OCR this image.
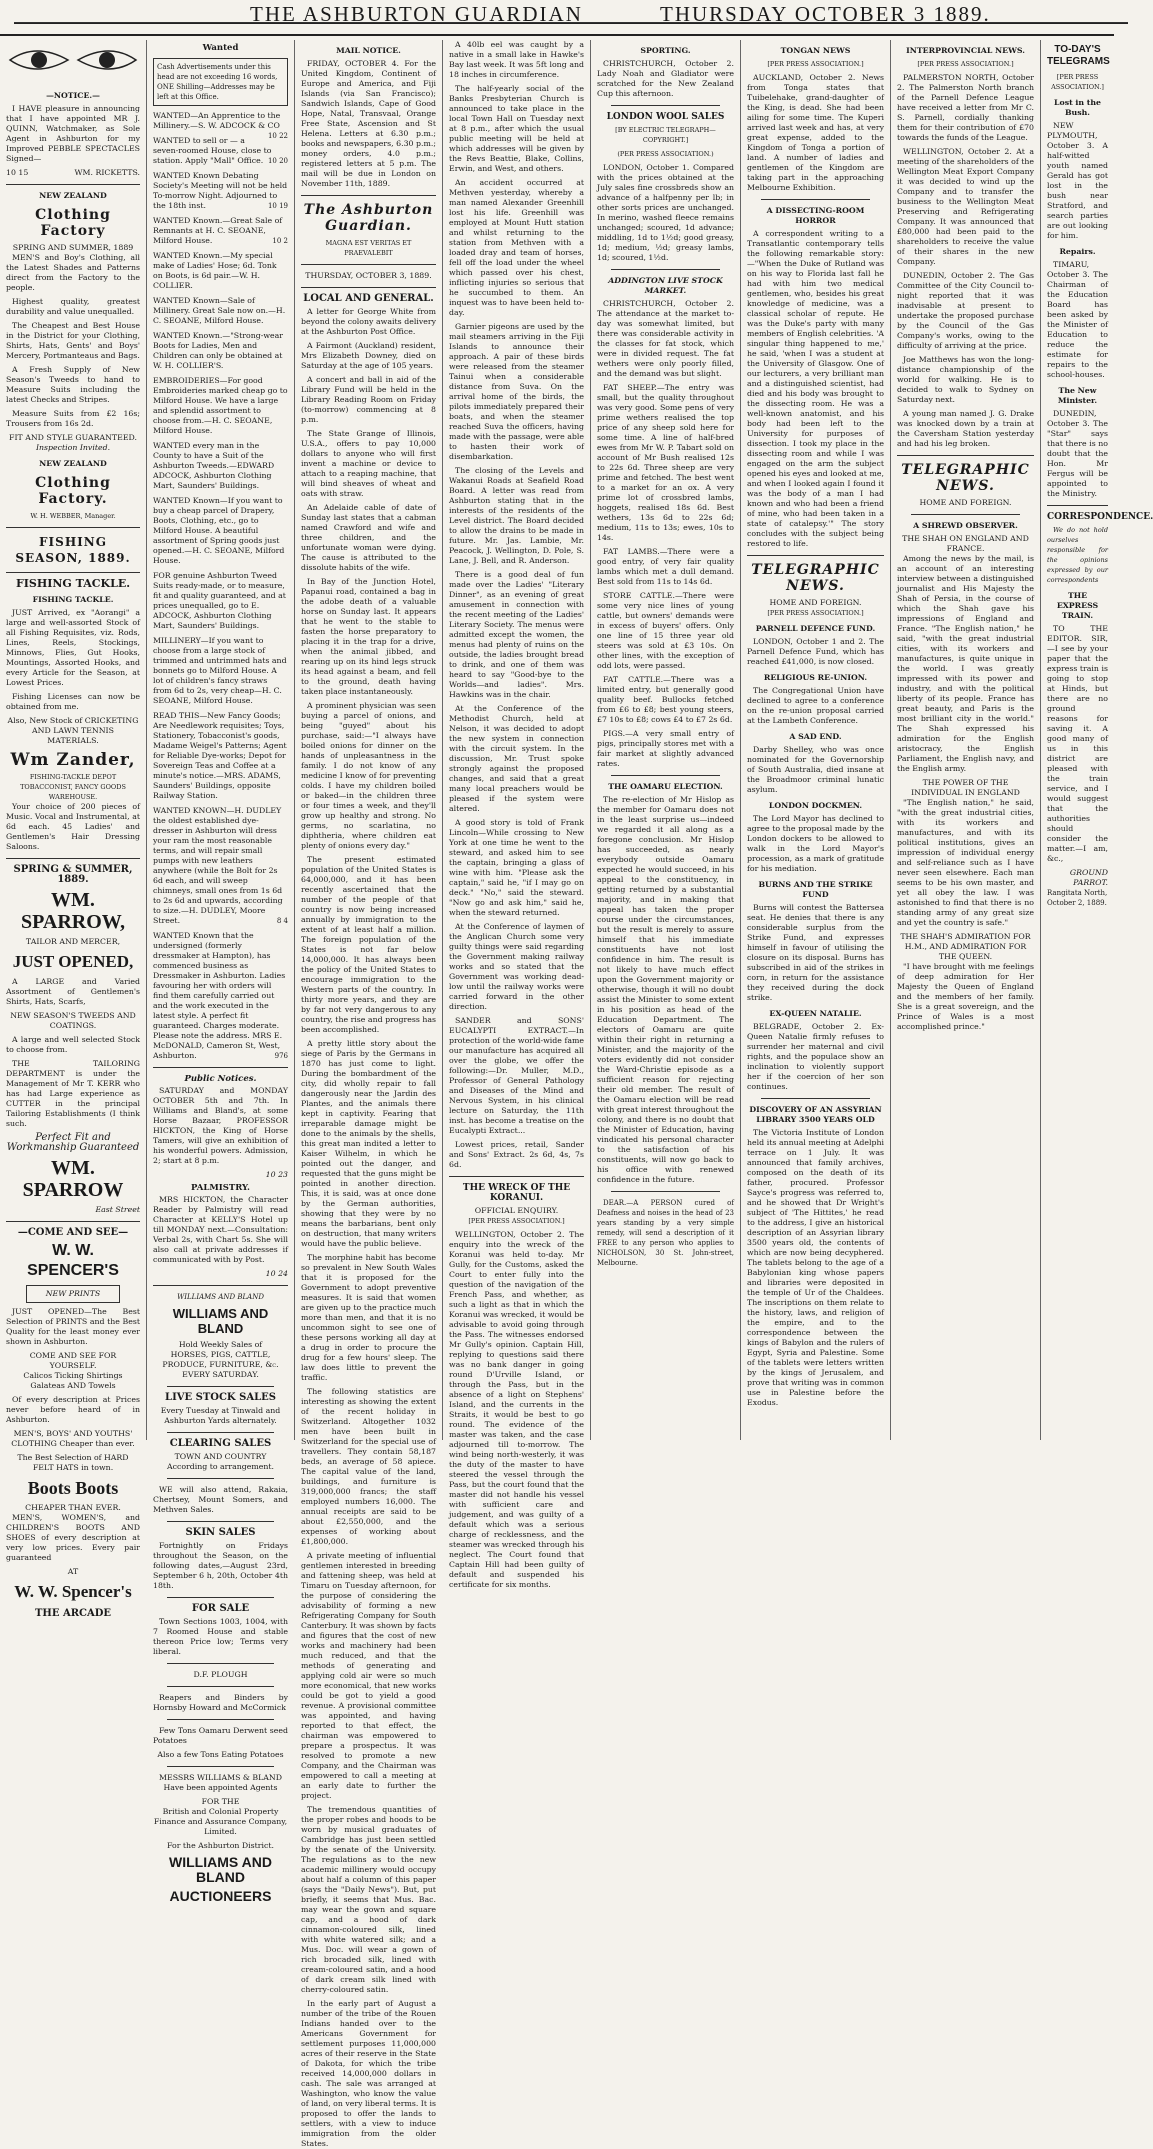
THE ASHBURTON GUARDIAN	THURSDAY OCTOBER 3 1889.
—NOTICE.—

I HAVE pleasure in announcing that I have appointed MR J. QUINN, Watchmaker, as Sole Agent in Ashburton for my Improved PEBBLE SPECTACLES Signed—

10 15	WM. RICKETTS.

NEW ZEALAND
Clothing Factory
SPRING AND SUMMER, 1889

MEN'S and Boy's Clothing, all the Latest Shades and Patterns direct from the Factory to the people.

Highest quality, greatest durability and value unequalled.

The Cheapest and Best House in the District for your Clothing, Shirts, Hats, Gents' and Boys' Mercery, Portmanteaus and Bags.

A Fresh Supply of New Season's Tweeds to hand to Measure Suits including the latest Checks and Stripes.

Measure Suits from £2 16s; Trousers from 16s 2d.

FIT AND STYLE GUARANTEED.
Inspection Invited.
NEW ZEALAND
Clothing Factory.
W. H. WEBBER, Manager.
FISHING SEASON, 1889.
FISHING TACKLE.
FISHING TACKLE.

JUST Arrived, ex "Aorangi" a large and well-assorted Stock of all Fishing Requisites, viz. Rods, Lines, Reels, Stockings, Minnows, Flies, Gut Hooks, Mountings, Assorted Hooks, and every Article for the Season, at Lowest Prices.

Fishing Licenses can now be obtained from me.

Also, New Stock of CRICKETING AND LAWN TENNIS MATERIALS.

Wm Zander,
FISHING-TACKLE DEPOT TOBACCONIST, FANCY GOODS WAREHOUSE.

Your choice of 200 pieces of Music. Vocal and Instrumental, at 6d each. 45 Ladies' and Gentlemen's Hair Dressing Saloons.

SPRING & SUMMER, 1889.
WM. SPARROW,
TAILOR AND MERCER,
JUST OPENED,

A LARGE and Varied Assortment of Gentlemen's Shirts, Hats, Scarfs,

NEW SEASON'S TWEEDS AND COATINGS.

A large and well selected Stock to choose from.

THE TAILORING DEPARTMENT is under the Management of Mr T. KERR who has had Large experience as CUTTER in the principal Tailoring Establishments (I think such.

Perfect Fit and Workmanship Guaranteed
WM. SPARROW
East Street
—COME AND SEE—
W. W. SPENCER'S
NEW PRINTS

JUST OPENED—The Best Selection of PRINTS and the Best Quality for the least money ever shown in Ashburton.

COME AND SEE FOR YOURSELF.

Calicos Ticking Shirtings Galateas AND Towels

Of every description at Prices never before heard of in Ashburton.

MEN'S, BOYS' AND YOUTHS' CLOTHING Cheaper than ever.

The Best Selection of HARD FELT HATS in town.

Boots Boots
CHEAPER THAN EVER.

MEN'S, WOMEN'S, and CHILDREN'S BOOTS AND SHOES of every description at very low prices. Every pair guaranteed

AT
W. W. Spencer's
THE ARCADE
Wanted
Cash Advertisements under this head are not exceeding 16 words, ONE Shilling—Addresses may be left at this Office.
WANTED—An Apprentice to the Millinery.—S. W. ADCOCK & CO
10 22
WANTED to sell or — a seven-roomed House, close to station. Apply "Mall" Office. 10 20
WANTED Known Debating Society's Meeting will not be held To-morrow Night. Adjourned to the 18th inst.	10 19
WANTED Known.—Great Sale of Remnants at H. C. SEOANE, Milford House.	10 2
WANTED Known.—My special make of Ladies' Hose; 6d. Tonk on Boots, is 6d pair.—W. H. COLLIER.
WANTED Known—Sale of Millinery. Great Sale now on.—H. C. SEOANE, Milford House.
WANTED Known.—"Strong-wear Boots for Ladies, Men and Children can only be obtained at W. H. COLLIER'S.
EMBROIDERIES—For good Embroideries marked cheap go to Milford House. We have a large and splendid assortment to choose from.—H. C. SEOANE, Milford House.
WANTED every man in the County to have a Suit of the Ashburton Tweeds.—EDWARD ADCOCK, Ashburton Clothing Mart, Saunders' Buildings.
WANTED Known—If you want to buy a cheap parcel of Drapery, Boots, Clothing, etc., go to Milford House. A beautiful assortment of Spring goods just opened.—H. C. SEOANE, Milford House.
FOR genuine Ashburton Tweed Suits ready-made, or to measure, fit and quality guaranteed, and at prices unequalled, go to E. ADCOCK, Ashburton Clothing Mart, Saunders' Buildings.
MILLINERY—If you want to choose from a large stock of trimmed and untrimmed hats and bonnets go to Milford House. A lot of children's fancy straws from 6d to 2s, very cheap—H. C. SEOANE, Milford House.
READ THIS—New Fancy Goods; Are Needlework requisites; Toys, Stationery, Tobacconist's goods, Madame Weigel's Patterns; Agent for Reliable Dye-works; Depot for Sovereign Teas and Coffee at a minute's notice.—MRS. ADAMS, Saunders' Buildings, opposite Railway Station.
WANTED KNOWN—H. DUDLEY the oldest established dye-dresser in Ashburton will dress your ram the most reasonable terms, and will repair small pumps with new leathers anywhere (while the Bolt for 2s 6d each, and will sweep chimneys, small ones from 1s 6d to 2s 6d and upwards, according to size.—H. DUDLEY, Moore Street.	8 4
WANTED Known that the undersigned (formerly dressmaker at Hampton), has commenced business as Dressmaker in Ashburton. Ladies favouring her with orders will find them carefully carried out and the work executed in the latest style. A perfect fit guaranteed. Charges moderate. Please note the address. MRS E. McDONALD, Cameron St, West, Ashburton.	976
Public Notices.

SATURDAY and MONDAY OCTOBER 5th and 7th. In Williams and Bland's, at some Horse Bazaar, PROFESSOR HICKTON, the King of Horse Tamers, will give an exhibition of his wonderful powers. Admission, 2; start at 8 p.m.

10 23
PALMISTRY.

MRS HICKTON, the Character Reader by Palmistry will read Character at KELLY'S Hotel up till MONDAY next.—Consultation: Verbal 2s, with Chart 5s. She will also call at private addresses if communicated with by Post.

10 24
WILLIAMS AND BLAND
WILLIAMS AND BLAND
Hold Weekly Sales of
HORSES, PIGS, CATTLE, PRODUCE, FURNITURE, &c.
EVERY SATURDAY.
LIVE STOCK SALES

Every Tuesday at Tinwald and Ashburton Yards alternately.

CLEARING SALES
TOWN AND COUNTRY
According to arrangement.

WE will also attend, Rakaia, Chertsey, Mount Somers, and Methven Sales.

SKIN SALES

Fortnightly on Fridays throughout the Season, on the following dates,—August 23rd, September 6 h, 20th, October 4th 18th.

FOR SALE

Town Sections 1003, 1004, with 7 Roomed House and stable thereon Price low; Terms very liberal.

D.F. PLOUGH

Reapers and Binders by Hornsby Howard and McCormick

Few Tons Oamaru Derwent seed Potatoes

Also a few Tons Eating Potatoes

MESSRS WILLIAMS & BLAND Have been appointed Agents

FOR THE

British and Colonial Property Finance and Assurance Company, Limited.

For the Ashburton District.
WILLIAMS AND BLAND
AUCTIONEERS
MAIL NOTICE.

FRIDAY, OCTOBER 4. For the United Kingdom, Continent of Europe and America, and Fiji Islands (via San Francisco); Sandwich Islands, Cape of Good Hope, Natal, Transvaal, Orange Free State, Ascension and St Helena. Letters at 6.30 p.m.; books and newspapers, 6.30 p.m.; money orders, 4.0 p.m.; registered letters at 5 p.m. The mail will be due in London on November 11th, 1889.

The Ashburton Guardian.
MAGNA EST VERITAS ET PRAEVALEBIT
THURSDAY, OCTOBER 3, 1889.
LOCAL AND GENERAL.

A letter for George White from beyond the colony awaits delivery at the Ashburton Post Office.

A Fairmont (Auckland) resident, Mrs Elizabeth Downey, died on Saturday at the age of 105 years.

A concert and ball in aid of the Library Fund will be held in the Library Reading Room on Friday (to-morrow) commencing at 8 p.m.

The State Grange of Illinois, U.S.A., offers to pay 10,000 dollars to anyone who will first invent a machine or device to attach to a reaping machine, that will bind sheaves of wheat and oats with straw.

An Adelaide cable of date of Sunday last states that a cabman named Crawford and wife and three children, and the unfortunate woman were dying. The cause is attributed to the dissolute habits of the wife.

In Bay of the Junction Hotel, Papanui road, contained a bag in the adobe death of a valuable horse on Sunday last. It appears that he went to the stable to fasten the horse preparatory to placing it in the trap for a drive, when the animal jibbed, and rearing up on its hind legs struck its head against a beam, and fell to the ground, death having taken place instantaneously.

A prominent physician was seen buying a parcel of onions, and being "guyed" about his purchase, said:—"I always have boiled onions for dinner on the hands of unpleasantness in the family. I do not know of any medicine I know of for preventing colds. I have my children boiled or baked—in the children three or four times a week, and they'll grow up healthy and strong. No germs, no scarlatina, no diphtheria, where children eat plenty of onions every day."

The present estimated population of the United States is 64,000,000, and it has been recently ascertained that the number of the people of that country is now being increased annually by immigration to the extent of at least half a million. The foreign population of the States is not far below 14,000,000. It has always been the policy of the United States to encourage immigration to the Western parts of the country. In thirty more years, and they are by far not very dangerous to any country, the rise and progress has been accomplished.

A pretty little story about the siege of Paris by the Germans in 1870 has just come to light. During the bombardment of the city, did wholly repair to fall dangerously near the Jardin des Plantes, and the animals there kept in captivity. Fearing that irreparable damage might be done to the animals by the shells, this great man indited a letter to Kaiser Wilhelm, in which he pointed out the danger, and requested that the guns might be pointed in another direction. This, it is said, was at once done by the German authorities, showing that they were by no means the barbarians, bent only on destruction, that many writers would have the public believe.

The morphine habit has become so prevalent in New South Wales that it is proposed for the Government to adopt preventive measures. It is said that women are given up to the practice much more than men, and that it is no uncommon sight to see one of these persons working all day at a drug in order to procure the drug for a few hours' sleep. The law does little to prevent the traffic.

The following statistics are interesting as showing the extent of the recent holiday in Switzerland. Altogether 1032 men have been built in Switzerland for the special use of travellers. They contain 58,187 beds, an average of 58 apiece. The capital value of the land, buildings, and furniture is 319,000,000 francs; the staff employed numbers 16,000. The annual receipts are said to be about £2,550,000, and the expenses of working about £1,800,000.

A private meeting of influential gentlemen interested in breeding and fattening sheep, was held at Timaru on Tuesday afternoon, for the purpose of considering the advisability of forming a new Refrigerating Company for South Canterbury. It was shown by facts and figures that the cost of new works and machinery had been much reduced, and that the methods of generating and applying cold air were so much more economical, that new works could be got to yield a good revenue. A provisional committee was appointed, and having reported to that effect, the chairman was empowered to prepare a prospectus. It was resolved to promote a new Company, and the Chairman was empowered to call a meeting at an early date to further the project.

The tremendous quantities of the proper robes and hoods to be worn by musical graduates of Cambridge has just been settled by the senate of the University. The regulations as to the new academic millinery would occupy about half a column of this paper (says the "Daily News"). But, put briefly, it seems that Mus. Bac. may wear the gown and square cap, and a hood of dark cinnamon-coloured silk, lined with white watered silk; and a Mus. Doc. will wear a gown of rich brocaded silk, lined with cream-coloured satin, and a hood of dark cream silk lined with cherry-coloured satin.

In the early part of August a number of the tribe of the Rouen Indians handed over to the Americans Government for settlement purposes 11,000,000 acres of their reserve in the State of Dakota, for which the tribe received 14,000,000 dollars in cash. The sale was arranged at Washington, who know the value of land, on very liberal terms. It is proposed to offer the lands to settlers, with a view to induce immigration from the older States.

A 40lb eel was caught by a native in a small lake in Hawke's Bay last week. It was 5ft long and 18 inches in circumference.

The half-yearly social of the Banks Presbyterian Church is announced to take place in the local Town Hall on Tuesday next at 8 p.m., after which the usual public meeting will be held at which addresses will be given by the Revs Beattie, Blake, Collins, Erwin, and West, and others.

An accident occurred at Methven yesterday, whereby a man named Alexander Greenhill lost his life. Greenhill was employed at Mount Hutt station and whilst returning to the station from Methven with a loaded dray and team of horses, fell off the load under the wheel which passed over his chest, inflicting injuries so serious that he succumbed to them. An inquest was to have been held to-day.

Garnier pigeons are used by the mail steamers arriving in the Fiji Islands to announce their approach. A pair of these birds were released from the steamer Tainui when a considerable distance from Suva. On the arrival home of the birds, the pilots immediately prepared their boats, and when the steamer reached Suva the officers, having made with the passage, were able to hasten their work of disembarkation.

The closing of the Levels and Wakanui Roads at Seafield Road Board. A letter was read from Ashburton stating that in the interests of the residents of the Level district. The Board decided to allow the drains to be made in future. Mr. Jas. Lambie, Mr. Peacock, J. Wellington, D. Pole, S. Lane, J. Bell, and R. Anderson.

There is a good deal of fun made over the Ladies' "Literary Dinner", as an evening of great amusement in connection with the recent meeting of the Ladies' Literary Society. The menus were admitted except the women, the menus had plenty of ruins on the outside, the ladies brought bread to drink, and one of them was heard to say "Good-bye to the Worlds—and ladies". Mrs. Hawkins was in the chair.

At the Conference of the Methodist Church, held at Nelson, it was decided to adopt the new system in connection with the circuit system. In the discussion, Mr. Trust spoke strongly against the proposed changes, and said that a great many local preachers would be pleased if the system were altered.

A good story is told of Frank Lincoln—While crossing to New York at one time he went to the steward, and asked him to see the captain, bringing a glass of wine with him. "Please ask the captain," said he, "if I may go on deck." "No," said the steward. "Now go and ask him," said he, when the steward returned.

At the Conference of laymen of the Anglican Church some very guilty things were said regarding the Government making railway works and so stated that the Government was working dead-low until the railway works were carried forward in the other direction.

SANDER and SONS' EUCALYPTI EXTRACT.—In protection of the world-wide fame our manufacture has acquired all over the globe, we offer the following:—Dr. Muller, M.D., Professor of General Pathology and Diseases of the Mind and Nervous System, in his clinical lecture on Saturday, the 11th inst. has become a treatise on the Eucalypti Extract...

Lowest prices, retail, Sander and Sons' Extract. 2s 6d, 4s, 7s 6d.

THE WRECK OF THE KORANUI.
OFFICIAL ENQUIRY.
[PER PRESS ASSOCIATION.]

WELLINGTON, October 2. The enquiry into the wreck of the Koranui was held to-day. Mr Gully, for the Customs, asked the Court to enter fully into the question of the navigation of the French Pass, and whether, as such a light as that in which the Koranui was wrecked, it would be advisable to avoid going through the Pass. The witnesses endorsed Mr Gully's opinion. Captain Hill, replying to questions said there was no bank danger in going round D'Urville Island, or through the Pass, but in the absence of a light on Stephens' Island, and the currents in the Straits, it would be best to go round. The evidence of the master was taken, and the case adjourned till to-morrow. The wind being north-westerly, it was the duty of the master to have steered the vessel through the Pass, but the court found that the master did not handle his vessel with sufficient care and judgement, and was guilty of a default which was a serious charge of recklessness, and the steamer was wrecked through his neglect. The Court found that Captain Hill had been guilty of default and suspended his certificate for six months.

SPORTING.

CHRISTCHURCH, October 2. Lady Noah and Gladiator were scratched for the New Zealand Cup this afternoon.

LONDON WOOL SALES
[BY ELECTRIC TELEGRAPH—COPYRIGHT.]
(PER PRESS ASSOCIATION.)

LONDON, October 1. Compared with the prices obtained at the July sales fine crossbreds show an advance of a halfpenny per lb; in other sorts prices are unchanged. In merino, washed fleece remains unchanged; scoured, 1d advance; middling, 1d to 1½d; good greasy, 1d; medium, ½d; greasy lambs, 1d; scoured, 1½d.

ADDINGTON LIVE STOCK MARKET.

CHRISTCHURCH, October 2. The attendance at the market to-day was somewhat limited, but there was considerable activity in the classes for fat stock, which were in divided request. The fat wethers were only poorly filled, and the demand was but slight.

FAT SHEEP.—The entry was small, but the quality throughout was very good. Some pens of very prime wethers realised the top price of any sheep sold here for some time. A line of half-bred ewes from Mr W. P. Tabart sold on account of Mr Bush realised 12s to 22s 6d. Three sheep are very prime and fetched. The best went to a market for an ox. A very prime lot of crossbred lambs, hoggets, realised 18s 6d. Best wethers, 13s 6d to 22s 6d; medium, 11s to 13s; ewes, 10s to 14s.

FAT LAMBS.—There were a good entry, of very fair quality lambs which met a dull demand. Best sold from 11s to 14s 6d.

STORE CATTLE.—There were some very nice lines of young cattle, but owners' demands were in excess of buyers' offers. Only one line of 15 three year old steers was sold at £3 10s. On other lines, with the exception of odd lots, were passed.

FAT CATTLE.—There was a limited entry, but generally good quality beef. Bullocks fetched from £6 to £8; best young steers, £7 10s to £8; cows £4 to £7 2s 6d.

PIGS.—A very small entry of pigs, principally stores met with a fair market at slightly advanced rates.

THE OAMARU ELECTION.

The re-election of Mr Hislop as the member for Oamaru does not in the least surprise us—indeed we regarded it all along as a foregone conclusion. Mr Hislop has succeeded, as nearly everybody outside Oamaru expected he would succeed, in his appeal to the constituency, in getting returned by a substantial majority, and in making that appeal has taken the proper course under the circumstances, but the result is merely to assure himself that his immediate constituents have not lost confidence in him. The result is not likely to have much effect upon the Government majority or otherwise, though it will no doubt assist the Minister to some extent in his position as head of the Education Department. The electors of Oamaru are quite within their right in returning a Minister, and the majority of the voters evidently did not consider the Ward-Christie episode as a sufficient reason for rejecting their old member. The result of the Oamaru election will be read with great interest throughout the colony, and there is no doubt that the Minister of Education, having vindicated his personal character to the satisfaction of his constituents, will now go back to his office with renewed confidence in the future.

DEAR.—A PERSON cured of Deafness and noises in the head of 23 years standing by a very simple remedy, will send a description of it FREE to any person who applies to NICHOLSON, 30 St. John-street, Melbourne.

TONGAN NEWS
[PER PRESS ASSOCIATION.]

AUCKLAND, October 2. News from Tonga states that Tuibelehake, grand-daughter of the King, is dead. She had been ailing for some time. The Kuperi arrived last week and has, at very great expense, added to the Kingdom of Tonga a portion of land. A number of ladies and gentlemen of the Kingdom are taking part in the approaching Melbourne Exhibition.

A DISSECTING-ROOM HORROR

A correspondent writing to a Transatlantic contemporary tells the following remarkable story:—"When the Duke of Rutland was on his way to Florida last fall he had with him two medical gentlemen, who, besides his great knowledge of medicine, was a classical scholar of repute. He was the Duke's party with many members of English celebrities. 'A singular thing happened to me,' he said, 'when I was a student at the University of Glasgow. One of our lecturers, a very brilliant man and a distinguished scientist, had died and his body was brought to the dissecting room. He was a well-known anatomist, and his body had been left to the University for purposes of dissection. I took my place in the dissecting room and while I was engaged on the arm the subject opened his eyes and looked at me, and when I looked again I found it was the body of a man I had known and who had been a friend of mine, who had been taken in a state of catalepsy.'" The story concludes with the subject being restored to life.

TELEGRAPHIC NEWS.
HOME AND FOREIGN.
[PER PRESS ASSOCIATION.]
PARNELL DEFENCE FUND.

LONDON, October 1 and 2. The Parnell Defence Fund, which has reached £41,000, is now closed.

RELIGIOUS RE-UNION.

The Congregational Union have declined to agree to a conference on the re-union proposal carried at the Lambeth Conference.

A SAD END.

Darby Shelley, who was once nominated for the Governorship of South Australia, died insane at the Broadmoor criminal lunatic asylum.

LONDON DOCKMEN.

The Lord Mayor has declined to agree to the proposal made by the London dockers to be allowed to walk in the Lord Mayor's procession, as a mark of gratitude for his mediation.

BURNS AND THE STRIKE FUND

Burns will contest the Battersea seat. He denies that there is any considerable surplus from the Strike Fund, and expresses himself in favour of utilising the closure on its disposal. Burns has subscribed in aid of the strikes in corn, in return for the assistance they received during the dock strike.

EX-QUEEN NATALIE.

BELGRADE, October 2. Ex-Queen Natalie firmly refuses to surrender her maternal and civil rights, and the populace show an inclination to violently support her if the coercion of her son continues.

DISCOVERY OF AN ASSYRIAN LIBRARY 3500 YEARS OLD

The Victoria Institute of London held its annual meeting at Adelphi terrace on 1 July. It was announced that family archives, composed on the death of its father, procured. Professor Sayce's progress was referred to, and he showed that Dr Wright's subject of 'The Hittites,' he read to the address, I give an historical description of an Assyrian library 3500 years old, the contents of which are now being decyphered. The tablets belong to the age of a Babylonian king whose papers and libraries were deposited in the temple of Ur of the Chaldees. The inscriptions on them relate to the history, laws, and religion of the empire, and to the correspondence between the kings of Babylon and the rulers of Egypt, Syria and Palestine. Some of the tablets were letters written by the kings of Jerusalem, and prove that writing was in common use in Palestine before the Exodus.

INTERPROVINCIAL NEWS.
[PER PRESS ASSOCIATION.]

PALMERSTON NORTH, October 2. The Palmerston North branch of the Parnell Defence League have received a letter from Mr C. S. Parnell, cordially thanking them for their contribution of £70 towards the funds of the League.

WELLINGTON, October 2. At a meeting of the shareholders of the Wellington Meat Export Company it was decided to wind up the Company and to transfer the business to the Wellington Meat Preserving and Refrigerating Company. It was announced that £80,000 had been paid to the shareholders to receive the value of their shares in the new Company.

DUNEDIN, October 2. The Gas Committee of the City Council to-night reported that it was inadvisable at present to undertake the proposed purchase by the Council of the Gas Company's works, owing to the difficulty of arriving at the price.

Joe Matthews has won the long-distance championship of the world for walking. He is to decided to walk to Sydney on Saturday next.

A young man named J. G. Drake was knocked down by a train at the Caversham Station yesterday and had his leg broken.

TELEGRAPHIC NEWS.
HOME AND FOREIGN.
A SHREWD OBSERVER.
THE SHAH ON ENGLAND AND FRANCE.

Among the news by the mail, is an account of an interesting interview between a distinguished journalist and His Majesty the Shah of Persia, in the course of which the Shah gave his impressions of England and France. "The English nation," he said, "with the great industrial cities, with its workers and manufactures, is quite unique in the world. I was greatly impressed with its power and industry, and with the political liberty of its people. France has great beauty, and Paris is the most brilliant city in the world." The Shah expressed his admiration for the English aristocracy, the English Parliament, the English navy, and the English army.

THE POWER OF THE INDIVIDUAL IN ENGLAND

"The English nation," he said, "with the great industrial cities, with its workers and manufactures, and with its political institutions, gives an impression of individual energy and self-reliance such as I have never seen elsewhere. Each man seems to be his own master, and yet all obey the law. I was astonished to find that there is no standing army of any great size and yet the country is safe."

THE SHAH'S ADMIRATION FOR H.M., AND ADMIRATION FOR THE QUEEN.

"I have brought with me feelings of deep admiration for Her Majesty the Queen of England and the members of her family. She is a great sovereign, and the Prince of Wales is a most accomplished prince."

TO-DAY'S TELEGRAMS
[PER PRESS ASSOCIATION.]
Lost in the Bush.

NEW PLYMOUTH, October 3. A half-witted youth named Gerald has got lost in the bush near Stratford, and search parties are out looking for him.

Repairs.

TIMARU, October 3. The Chairman of the Education Board has been asked by the Minister of Education to reduce the estimate for repairs to the school-houses.

The New Minister.

DUNEDIN, October 3. The "Star" says that there is no doubt that the Hon. Mr Fergus will be appointed to the Ministry.

CORRESPONDENCE.

We do not hold ourselves responsible for the opinions expressed by our correspondents

THE EXPRESS TRAIN.

TO THE EDITOR. SIR,—I see by your paper that the express train is going to stop at Hinds, but there are no ground reasons for saving it. A good many of us in this district are pleased with the train service, and I would suggest that the authorities should consider the matter.—I am, &c.,

GROUND PARROT.
Rangitata North, October 2, 1889.
